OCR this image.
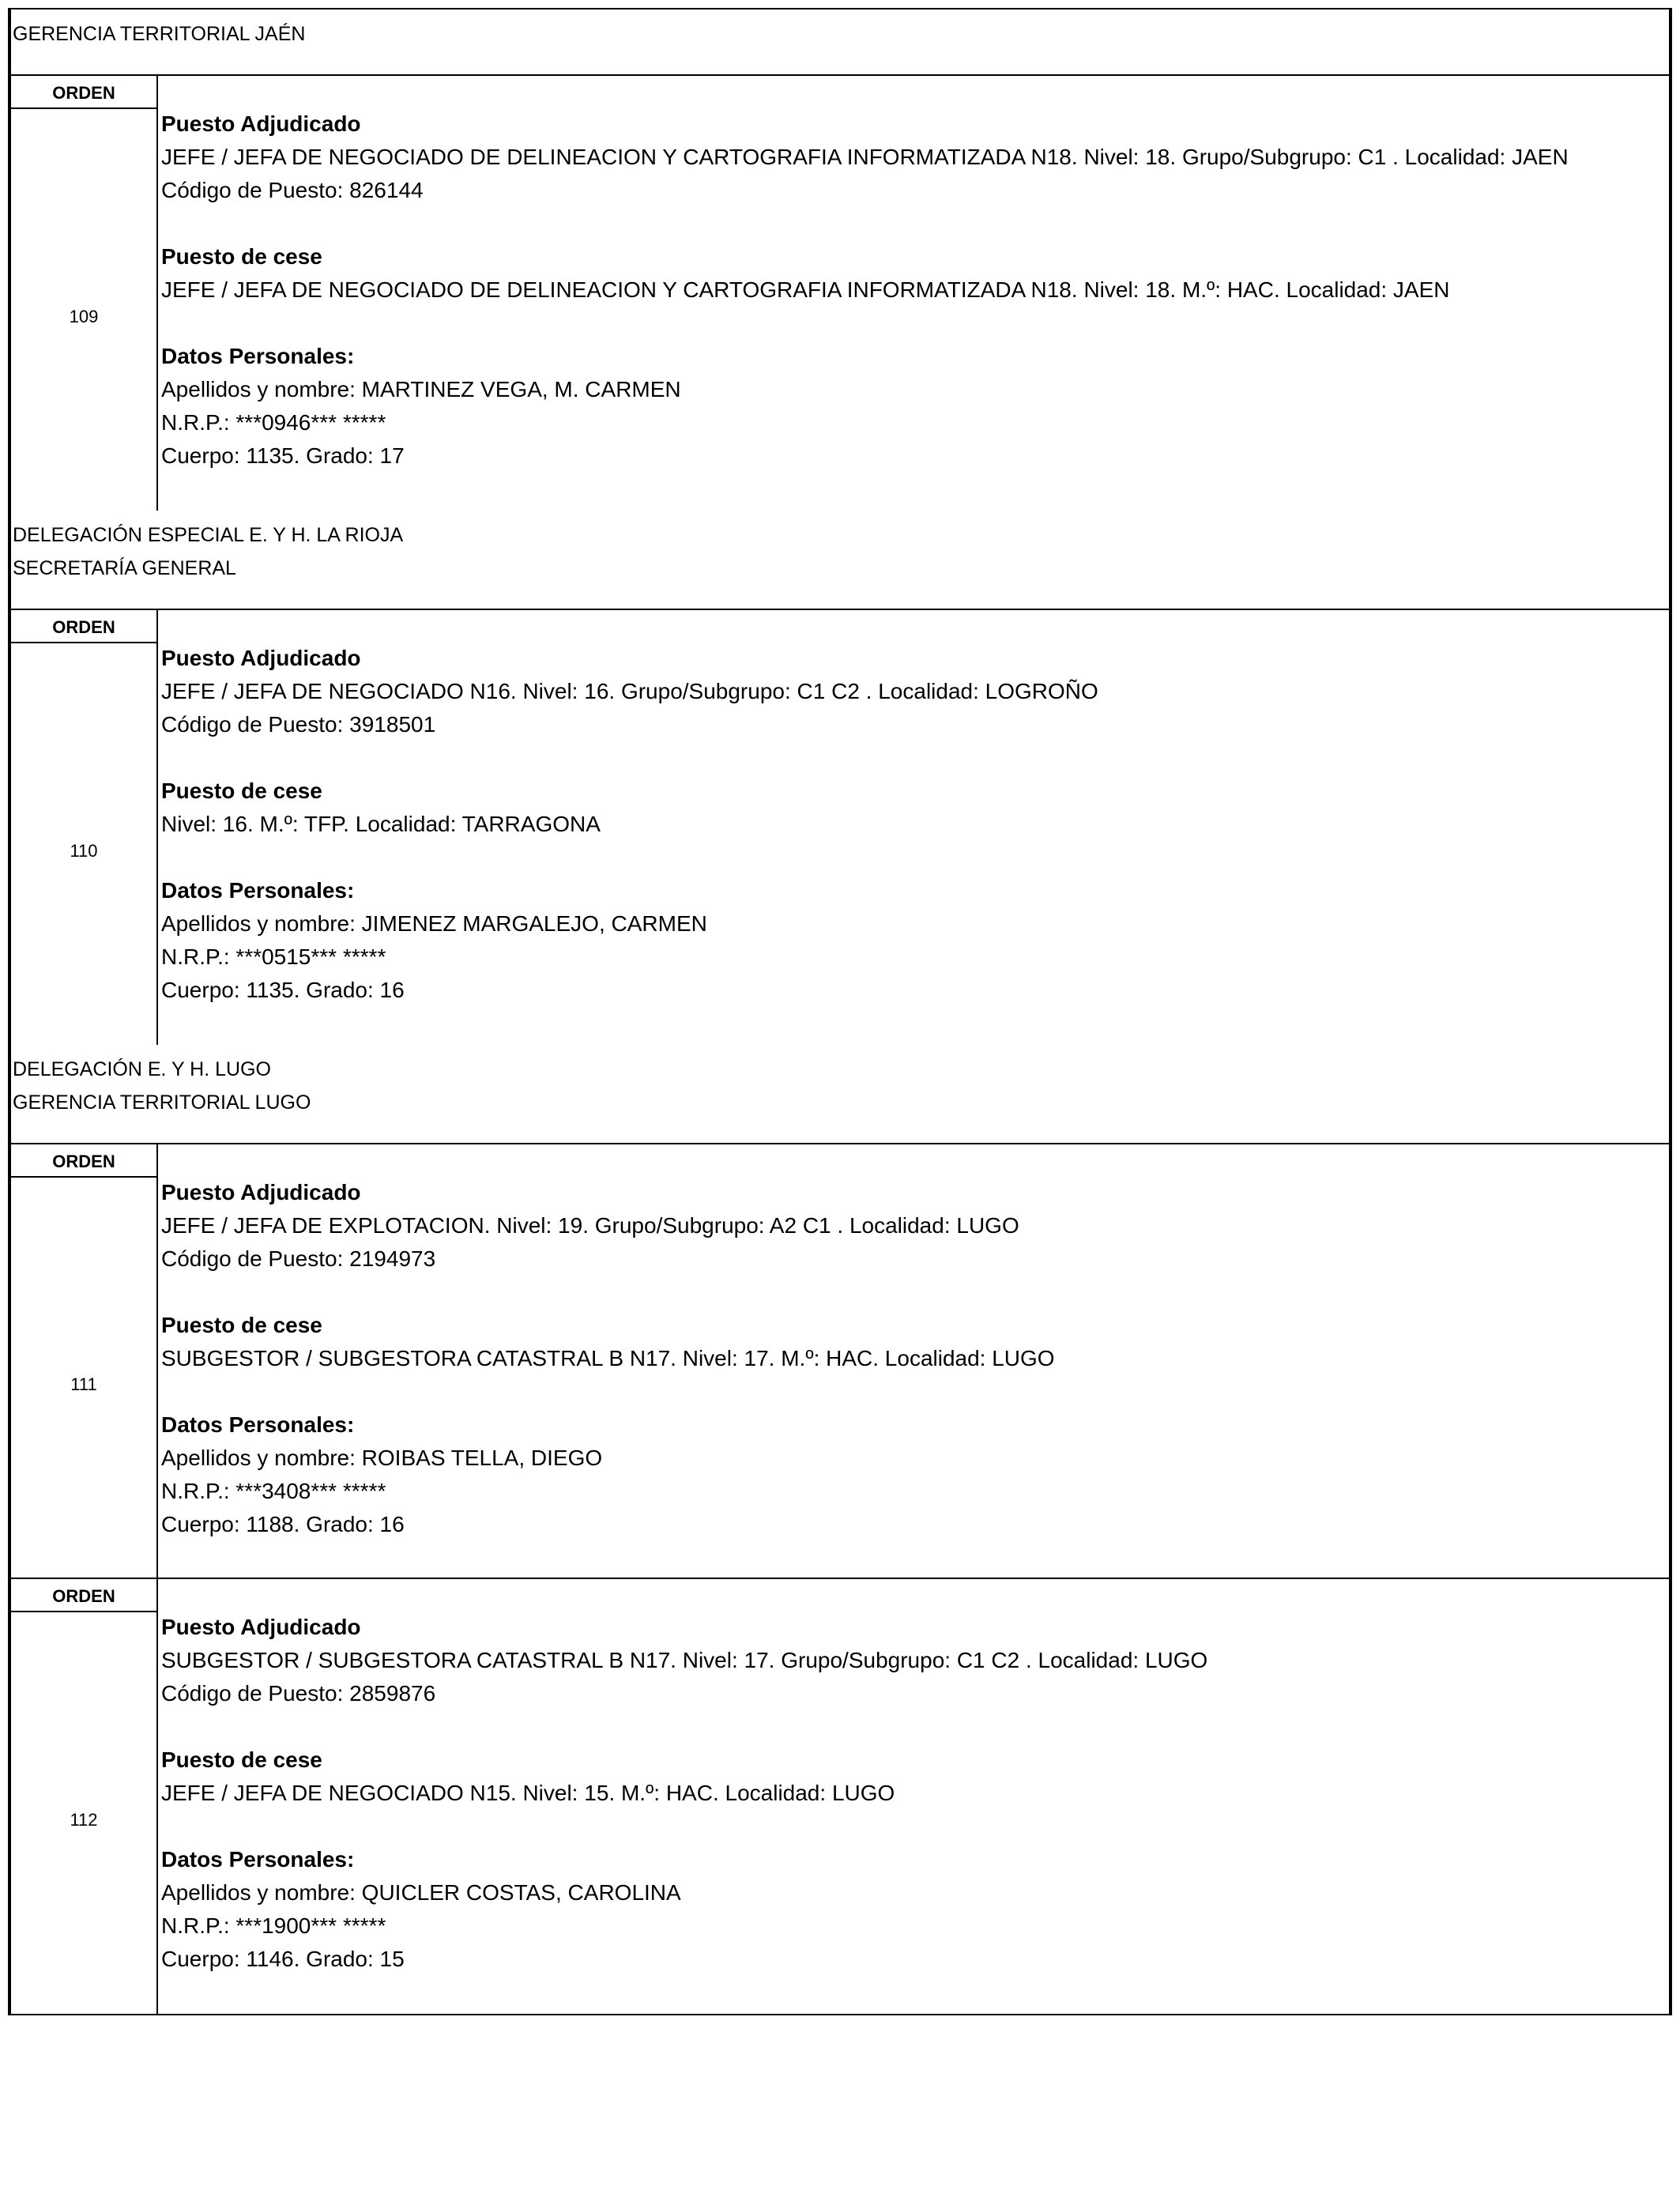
GERENCIA TERRITORIAL JAÉN
ORDEN
109
Puesto Adjudicado
JEFE / JEFA DE NEGOCIADO DE DELINEACION Y CARTOGRAFIA INFORMATIZADA N18. Nivel: 18. Grupo/Subgrupo: C1 . Localidad: JAEN
Código de Puesto: 826144
Puesto de cese
JEFE / JEFA DE NEGOCIADO DE DELINEACION Y CARTOGRAFIA INFORMATIZADA N18. Nivel: 18. M.º: HAC. Localidad: JAEN
Datos Personales:
Apellidos y nombre: MARTINEZ VEGA, M. CARMEN
N.R.P.: ***0946*** *****
Cuerpo: 1135. Grado: 17
DELEGACIÓN ESPECIAL E. Y H. LA RIOJA
SECRETARÍA GENERAL
ORDEN
110
Puesto Adjudicado
JEFE / JEFA DE NEGOCIADO N16. Nivel: 16. Grupo/Subgrupo: C1 C2 . Localidad: LOGROÑO
Código de Puesto: 3918501
Puesto de cese
Nivel: 16. M.º: TFP. Localidad: TARRAGONA
Datos Personales:
Apellidos y nombre: JIMENEZ MARGALEJO, CARMEN
N.R.P.: ***0515*** *****
Cuerpo: 1135. Grado: 16
DELEGACIÓN E. Y H. LUGO
GERENCIA TERRITORIAL LUGO
ORDEN
111
Puesto Adjudicado
JEFE / JEFA DE EXPLOTACION. Nivel: 19. Grupo/Subgrupo: A2 C1 . Localidad: LUGO
Código de Puesto: 2194973
Puesto de cese
SUBGESTOR / SUBGESTORA CATASTRAL B N17. Nivel: 17. M.º: HAC. Localidad: LUGO
Datos Personales:
Apellidos y nombre: ROIBAS TELLA, DIEGO
N.R.P.: ***3408*** *****
Cuerpo: 1188. Grado: 16
ORDEN
112
Puesto Adjudicado
SUBGESTOR / SUBGESTORA CATASTRAL B N17. Nivel: 17. Grupo/Subgrupo: C1 C2 . Localidad: LUGO
Código de Puesto: 2859876
Puesto de cese
JEFE / JEFA DE NEGOCIADO N15. Nivel: 15. M.º: HAC. Localidad: LUGO
Datos Personales:
Apellidos y nombre: QUICLER COSTAS, CAROLINA
N.R.P.: ***1900*** *****
Cuerpo: 1146. Grado: 15
